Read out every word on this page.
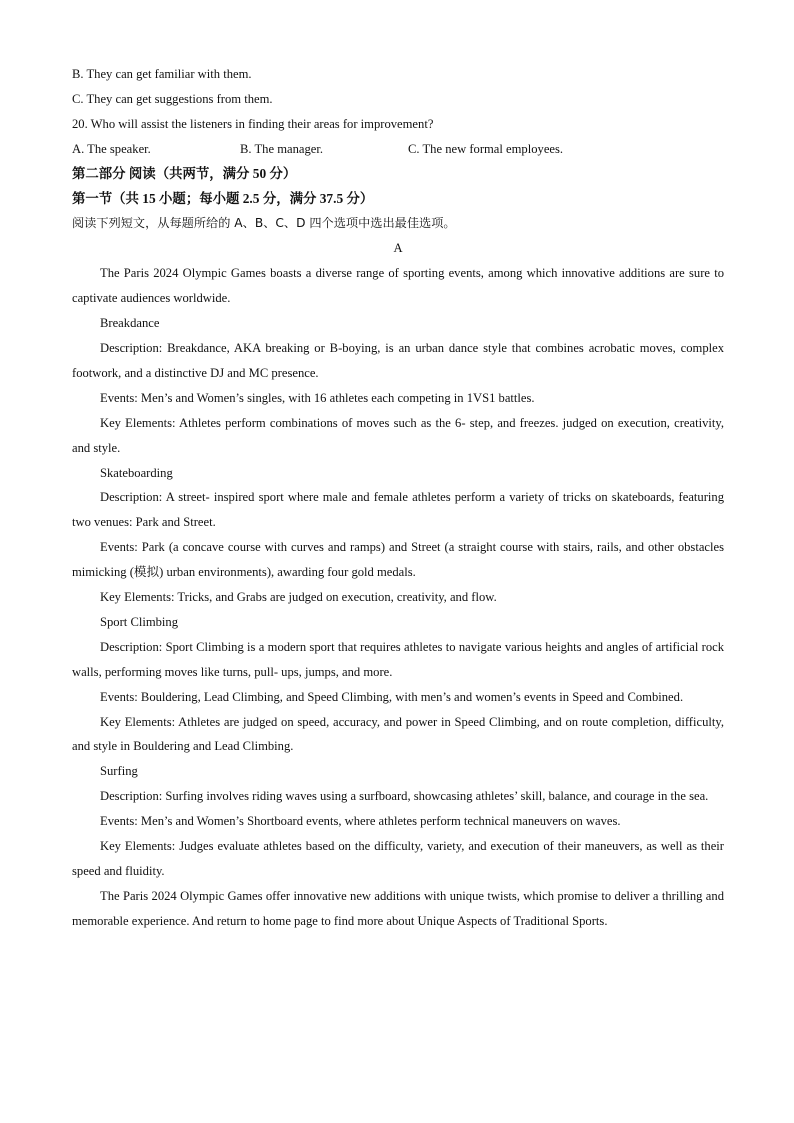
B. They can get familiar with them.

C. They can get suggestions from them.

20. Who will assist the listeners in finding their areas for improvement?

A. The speaker.	B. The manager.	C. The new formal employees.

第二部分 阅读（共两节，满分 50 分）

第一节（共 15 小题；每小题 2.5 分，满分 37.5 分）

阅读下列短文，从每题所给的 A、B、C、D 四个选项中选出最佳选项。

A

The Paris 2024 Olympic Games boasts a diverse range of sporting events, among which innovative additions are sure to captivate audiences worldwide.

Breakdance

Description: Breakdance, AKA breaking or B-boying, is an urban dance style that combines acrobatic moves, complex footwork, and a distinctive DJ and MC presence.

Events: Men’s and Women’s singles, with 16 athletes each competing in 1VS1 battles.

Key Elements: Athletes perform combinations of moves such as the 6- step, and freezes. judged on execution, creativity, and style.

Skateboarding

Description: A street- inspired sport where male and female athletes perform a variety of tricks on skateboards, featuring two venues: Park and Street.

Events: Park (a concave course with curves and ramps) and Street (a straight course with stairs, rails, and other obstacles mimicking (模拟) urban environments), awarding four gold medals.

Key Elements: Tricks, and Grabs are judged on execution, creativity, and flow.

Sport Climbing

Description: Sport Climbing is a modern sport that requires athletes to navigate various heights and angles of artificial rock walls, performing moves like turns, pull- ups, jumps, and more.

Events: Bouldering, Lead Climbing, and Speed Climbing, with men’s and women’s events in Speed and Combined.

Key Elements: Athletes are judged on speed, accuracy, and power in Speed Climbing, and on route completion, difficulty, and style in Bouldering and Lead Climbing.

Surfing

Description: Surfing involves riding waves using a surfboard, showcasing athletes’ skill, balance, and courage in the sea.

Events: Men’s and Women’s Shortboard events, where athletes perform technical maneuvers on waves.

Key Elements: Judges evaluate athletes based on the difficulty, variety, and execution of their maneuvers, as well as their speed and fluidity.

The Paris 2024 Olympic Games offer innovative new additions with unique twists, which promise to deliver a thrilling and memorable experience. And return to home page to find more about Unique Aspects of Traditional Sports.
